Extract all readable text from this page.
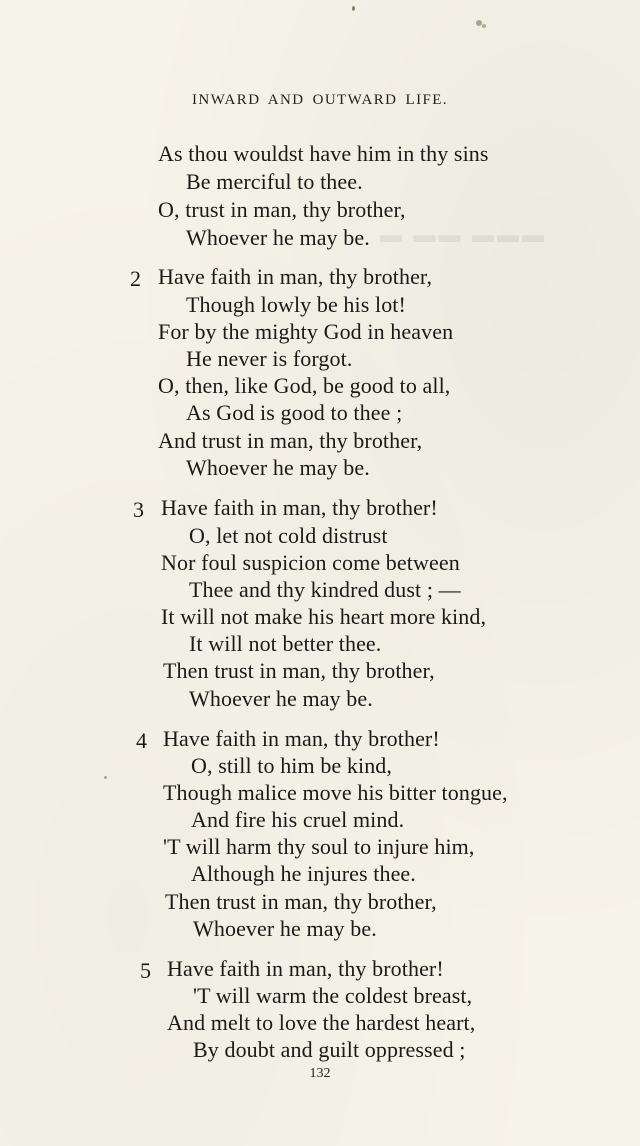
▬ ▬▬ ▬▬▬
INWARD AND OUTWARD LIFE.
As thou wouldst have him in thy sins
Be merciful to thee.
O, trust in man, thy brother,
Whoever he may be.
2 Have faith in man, thy brother,
Though lowly be his lot!
For by the mighty God in heaven
He never is forgot.
O, then, like God, be good to all,
As God is good to thee ;
And trust in man, thy brother,
Whoever he may be.
3 Have faith in man, thy brother!
O, let not cold distrust
Nor foul suspicion come between
Thee and thy kindred dust ; —
It will not make his heart more kind,
It will not better thee.
Then trust in man, thy brother,
Whoever he may be.
4 Have faith in man, thy brother!
O, still to him be kind,
Though malice move his bitter tongue,
And fire his cruel mind.
'T will harm thy soul to injure him,
Although he injures thee.
Then trust in man, thy brother,
Whoever he may be.
5 Have faith in man, thy brother!
'T will warm the coldest breast,
And melt to love the hardest heart,
By doubt and guilt oppressed ;
132
